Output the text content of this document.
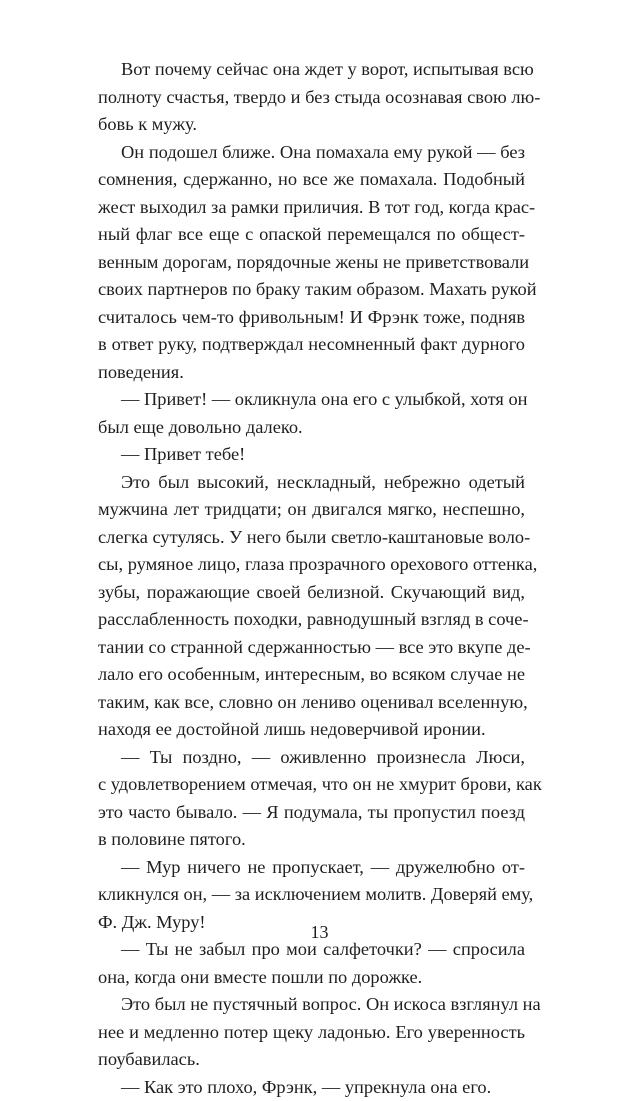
Вот почему сейчас она ждет у ворот, испытывая всю
полноту счастья, твердо и без стыда осознавая свою лю-
бовь к мужу.
Он подошел ближе. Она помахала ему рукой — без
сомнения, сдержанно, но все же помахала. Подобный
жест выходил за рамки приличия. В тот год, когда крас-
ный флаг все еще с опаской перемещался по общест-
венным дорогам, порядочные жены не приветствовали
своих партнеров по браку таким образом. Махать рукой
считалось чем-то фривольным! И Фрэнк тоже, подняв
в ответ руку, подтверждал несомненный факт дурного
поведения.
— Привет! — окликнула она его с улыбкой, хотя он
был еще довольно далеко.
— Привет тебе!
Это был высокий, нескладный, небрежно одетый
мужчина лет тридцати; он двигался мягко, неспешно,
слегка сутулясь. У него были светло-каштановые воло-
сы, румяное лицо, глаза прозрачного орехового оттенка,
зубы, поражающие своей белизной. Скучающий вид,
расслабленность походки, равнодушный взгляд в соче-
тании со странной сдержанностью — все это вкупе де-
лало его особенным, интересным, во всяком случае не
таким, как все, словно он лениво оценивал вселенную,
находя ее достойной лишь недоверчивой иронии.
— Ты поздно, — оживленно произнесла Люси,
с удовлетворением отмечая, что он не хмурит брови, как
это часто бывало. — Я подумала, ты пропустил поезд
в половине пятого.
— Мур ничего не пропускает, — дружелюбно от-
кликнулся он, — за исключением молитв. Доверяй ему,
Ф. Дж. Муру!
— Ты не забыл про мои салфеточки? — спросила
она, когда они вместе пошли по дорожке.
Это был не пустячный вопрос. Он искоса взглянул на
нее и медленно потер щеку ладонью. Его уверенность
поубавилась.
— Как это плохо, Фрэнк, — упрекнула она его.
13
